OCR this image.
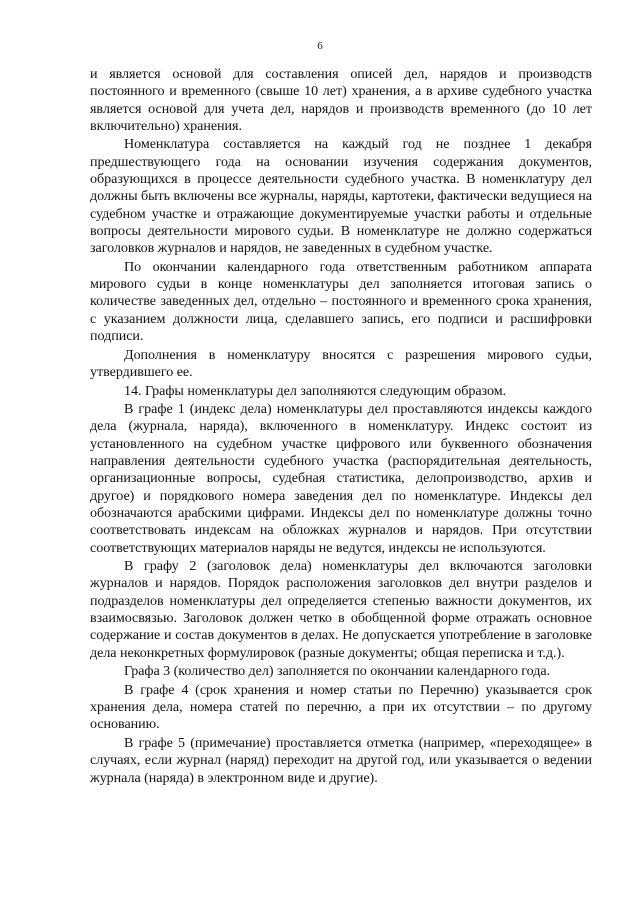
6

и является основой для составления описей дел, нарядов и производств постоянного и временного (свыше 10 лет) хранения, а в архиве судебного участка является основой для учета дел, нарядов и производств временного (до 10 лет включительно) хранения.

Номенклатура составляется на каждый год не позднее 1 декабря предшествующего года на основании изучения содержания документов, образующихся в процессе деятельности судебного участка. В номенклатуру дел должны быть включены все журналы, наряды, картотеки, фактически ведущиеся на судебном участке и отражающие документируемые участки работы и отдельные вопросы деятельности мирового судьи. В номенклатуре не должно содержаться заголовков журналов и нарядов, не заведенных в судебном участке.

По окончании календарного года ответственным работником аппарата мирового судьи в конце номенклатуры дел заполняется итоговая запись о количестве заведенных дел, отдельно – постоянного и временного срока хранения, с указанием должности лица, сделавшего запись, его подписи и расшифровки подписи.

Дополнения в номенклатуру вносятся с разрешения мирового судьи, утвердившего ее.

14. Графы номенклатуры дел заполняются следующим образом.

В графе 1 (индекс дела) номенклатуры дел проставляются индексы каждого дела (журнала, наряда), включенного в номенклатуру. Индекс состоит из установленного на судебном участке цифрового или буквенного обозначения направления деятельности судебного участка (распорядительная деятельность, организационные вопросы, судебная статистика, делопроизводство, архив и другое) и порядкового номера заведения дел по номенклатуре. Индексы дел обозначаются арабскими цифрами. Индексы дел по номенклатуре должны точно соответствовать индексам на обложках журналов и нарядов. При отсутствии соответствующих материалов наряды не ведутся, индексы не используются.

В графу 2 (заголовок дела) номенклатуры дел включаются заголовки журналов и нарядов. Порядок расположения заголовков дел внутри разделов и подразделов номенклатуры дел определяется степенью важности документов, их взаимосвязью. Заголовок должен четко в обобщенной форме отражать основное содержание и состав документов в делах. Не допускается употребление в заголовке дела неконкретных формулировок (разные документы; общая переписка и т.д.).

Графа 3 (количество дел) заполняется по окончании календарного года.

В графе 4 (срок хранения и номер статьи по Перечню) указывается срок хранения дела, номера статей по перечню, а при их отсутствии – по другому основанию.

В графе 5 (примечание) проставляется отметка (например, «переходящее» в случаях, если журнал (наряд) переходит на другой год, или указывается о ведении журнала (наряда) в электронном виде и другие).
